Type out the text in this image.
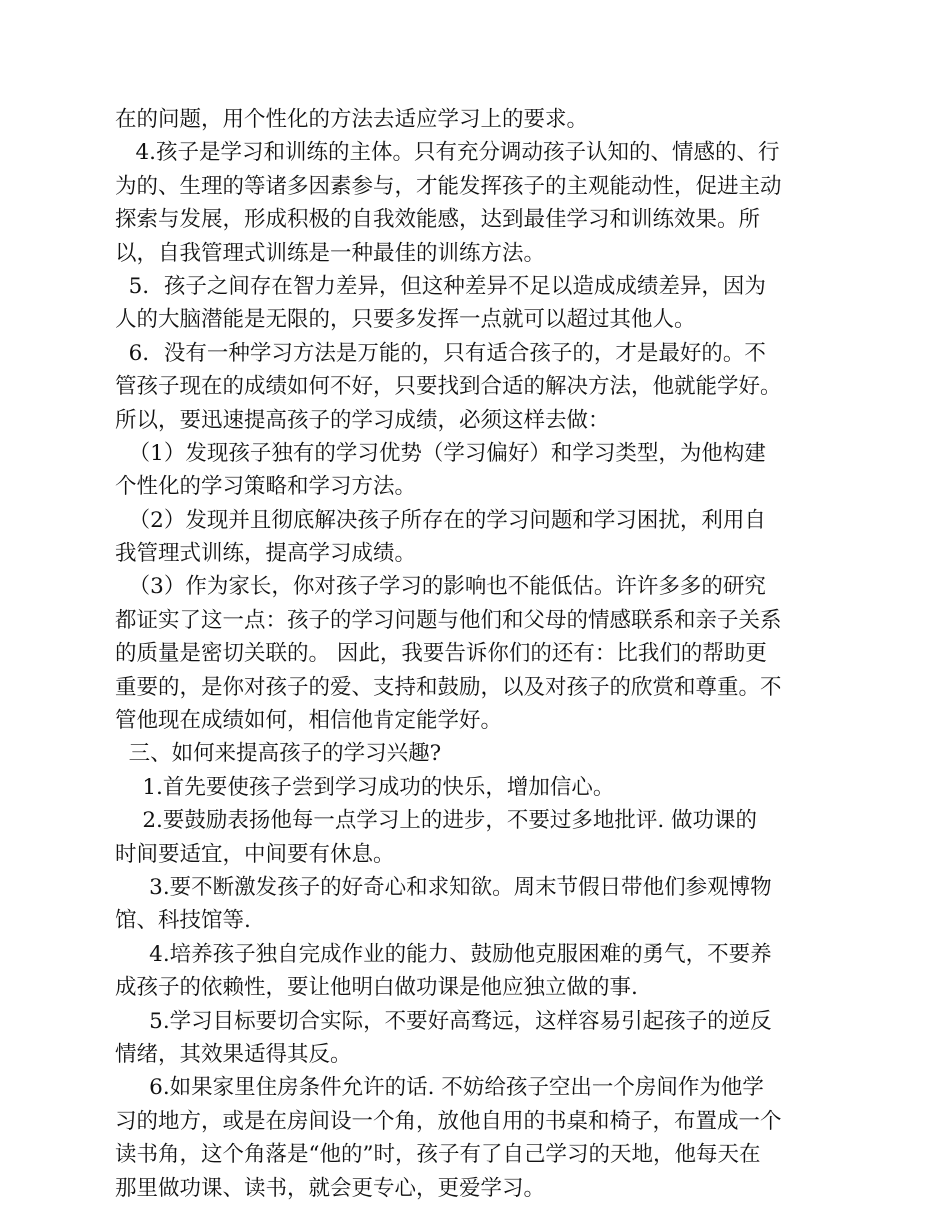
在的问题，用个性化的方法去适应学习上的要求。
4.孩子是学习和训练的主体。只有充分调动孩子认知的、情感的、行
为的、生理的等诸多因素参与，才能发挥孩子的主观能动性，促进主动
探索与发展，形成积极的自我效能感，达到最佳学习和训练效果。所
以，自我管理式训练是一种最佳的训练方法。
5．孩子之间存在智力差异，但这种差异不足以造成成绩差异，因为
人的大脑潜能是无限的，只要多发挥一点就可以超过其他人。
6．没有一种学习方法是万能的，只有适合孩子的，才是最好的。不
管孩子现在的成绩如何不好，只要找到合适的解决方法，他就能学好。
所以，要迅速提高孩子的学习成绩，必须这样去做：
（1）发现孩子独有的学习优势（学习偏好）和学习类型，为他构建
个性化的学习策略和学习方法。
（2）发现并且彻底解决孩子所存在的学习问题和学习困扰，利用自
我管理式训练，提高学习成绩。
（3）作为家长，你对孩子学习的影响也不能低估。许许多多的研究
都证实了这一点：孩子的学习问题与他们和父母的情感联系和亲子关系
的质量是密切关联的。 因此，我要告诉你们的还有：比我们的帮助更
重要的，是你对孩子的爱、支持和鼓励，以及对孩子的欣赏和尊重。不
管他现在成绩如何，相信他肯定能学好。
三、如何来提高孩子的学习兴趣?
1.首先要使孩子尝到学习成功的快乐，增加信心。
2.要鼓励表扬他每一点学习上的进步，不要过多地批评. 做功课的
时间要适宜，中间要有休息。
3.要不断激发孩子的好奇心和求知欲。周末节假日带他们参观博物
馆、科技馆等.
4.培养孩子独自完成作业的能力、鼓励他克服困难的勇气，不要养
成孩子的依赖性，要让他明白做功课是他应独立做的事.
5.学习目标要切合实际，不要好高骛远，这样容易引起孩子的逆反
情绪，其效果适得其反。
6.如果家里住房条件允许的话. 不妨给孩子空出一个房间作为他学
习的地方，或是在房间设一个角，放他自用的书桌和椅子，布置成一个
读书角，这个角落是“他的”时，孩子有了自己学习的天地，他每天在
那里做功课、读书，就会更专心，更爱学习。
